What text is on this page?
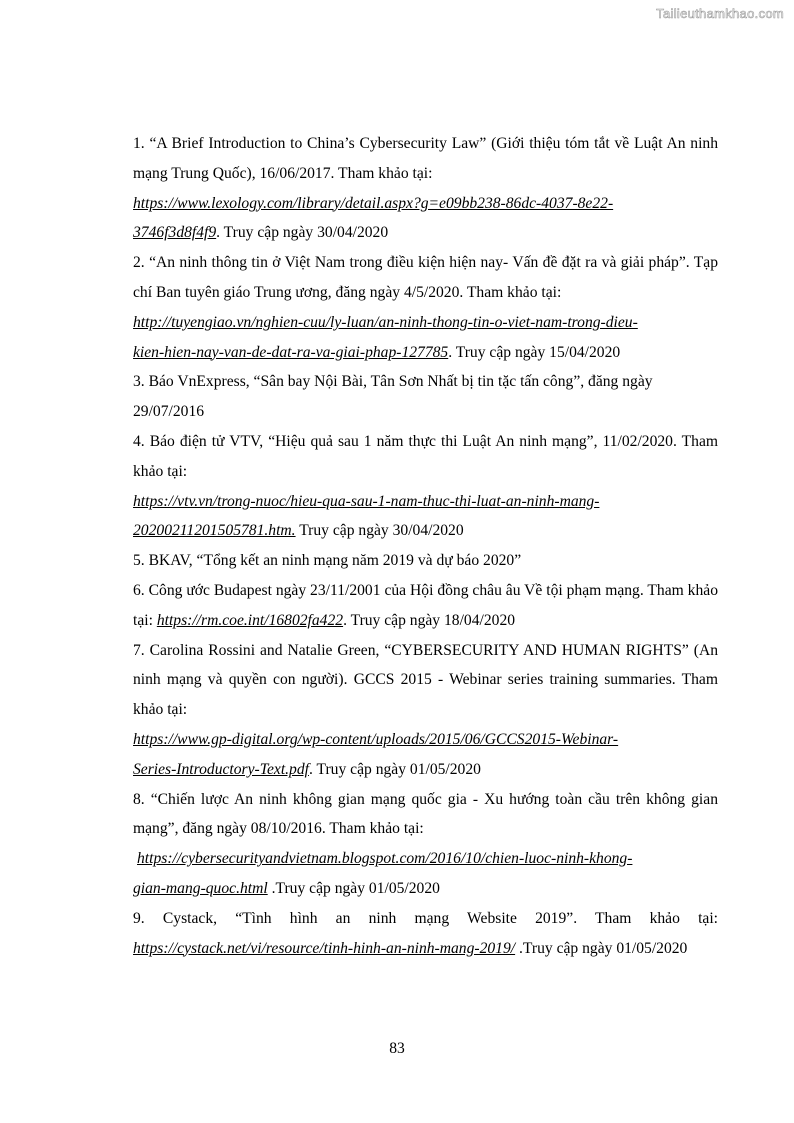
Tailieuthamkhao.com

1. “A Brief Introduction to China’s Cybersecurity Law” (Giới thiệu tóm tắt về Luật An ninh mạng Trung Quốc), 16/06/2017. Tham khảo tại:
https://www.lexology.com/library/detail.aspx?g=e09bb238-86dc-4037-8e22-
3746f3d8f4f9. Truy cập ngày 30/04/2020

2. “An ninh thông tin ở Việt Nam trong điều kiện hiện nay- Vấn đề đặt ra và giải pháp”. Tạp chí Ban tuyên giáo Trung ương, đăng ngày 4/5/2020. Tham khảo tại:
http://tuyengiao.vn/nghien-cuu/ly-luan/an-ninh-thong-tin-o-viet-nam-trong-dieu-
kien-hien-nay-van-de-dat-ra-va-giai-phap-127785. Truy cập ngày 15/04/2020

3. Báo VnExpress, “Sân bay Nội Bài, Tân Sơn Nhất bị tin tặc tấn công”, đăng ngày 29/07/2016

4. Báo điện tử VTV, “Hiệu quả sau 1 năm thực thi Luật An ninh mạng”, 11/02/2020. Tham khảo tại:
https://vtv.vn/trong-nuoc/hieu-qua-sau-1-nam-thuc-thi-luat-an-ninh-mang-
20200211201505781.htm. Truy cập ngày 30/04/2020

5. BKAV, “Tổng kết an ninh mạng năm 2019 và dự báo 2020”

6. Công ước Budapest ngày 23/11/2001 của Hội đồng châu âu Về tội phạm mạng. Tham khảo tại: https://rm.coe.int/16802fa422. Truy cập ngày 18/04/2020

7. Carolina Rossini and Natalie Green, “CYBERSECURITY AND HUMAN RIGHTS” (An ninh mạng và quyền con người). GCCS 2015 - Webinar series training summaries. Tham khảo tại:
https://www.gp-digital.org/wp-content/uploads/2015/06/GCCS2015-Webinar-
Series-Introductory-Text.pdf. Truy cập ngày 01/05/2020

8. “Chiến lược An ninh không gian mạng quốc gia - Xu hướng toàn cầu trên không gian mạng”, đăng ngày 08/10/2016. Tham khảo tại:
https://cybersecurityandvietnam.blogspot.com/2016/10/chien-luoc-ninh-khong-
gian-mang-quoc.html .Truy cập ngày 01/05/2020

9. Cystack, “Tình hình an ninh mạng Website 2019”. Tham khảo tại: https://cystack.net/vi/resource/tinh-hinh-an-ninh-mang-2019/ .Truy cập ngày 01/05/2020

83
